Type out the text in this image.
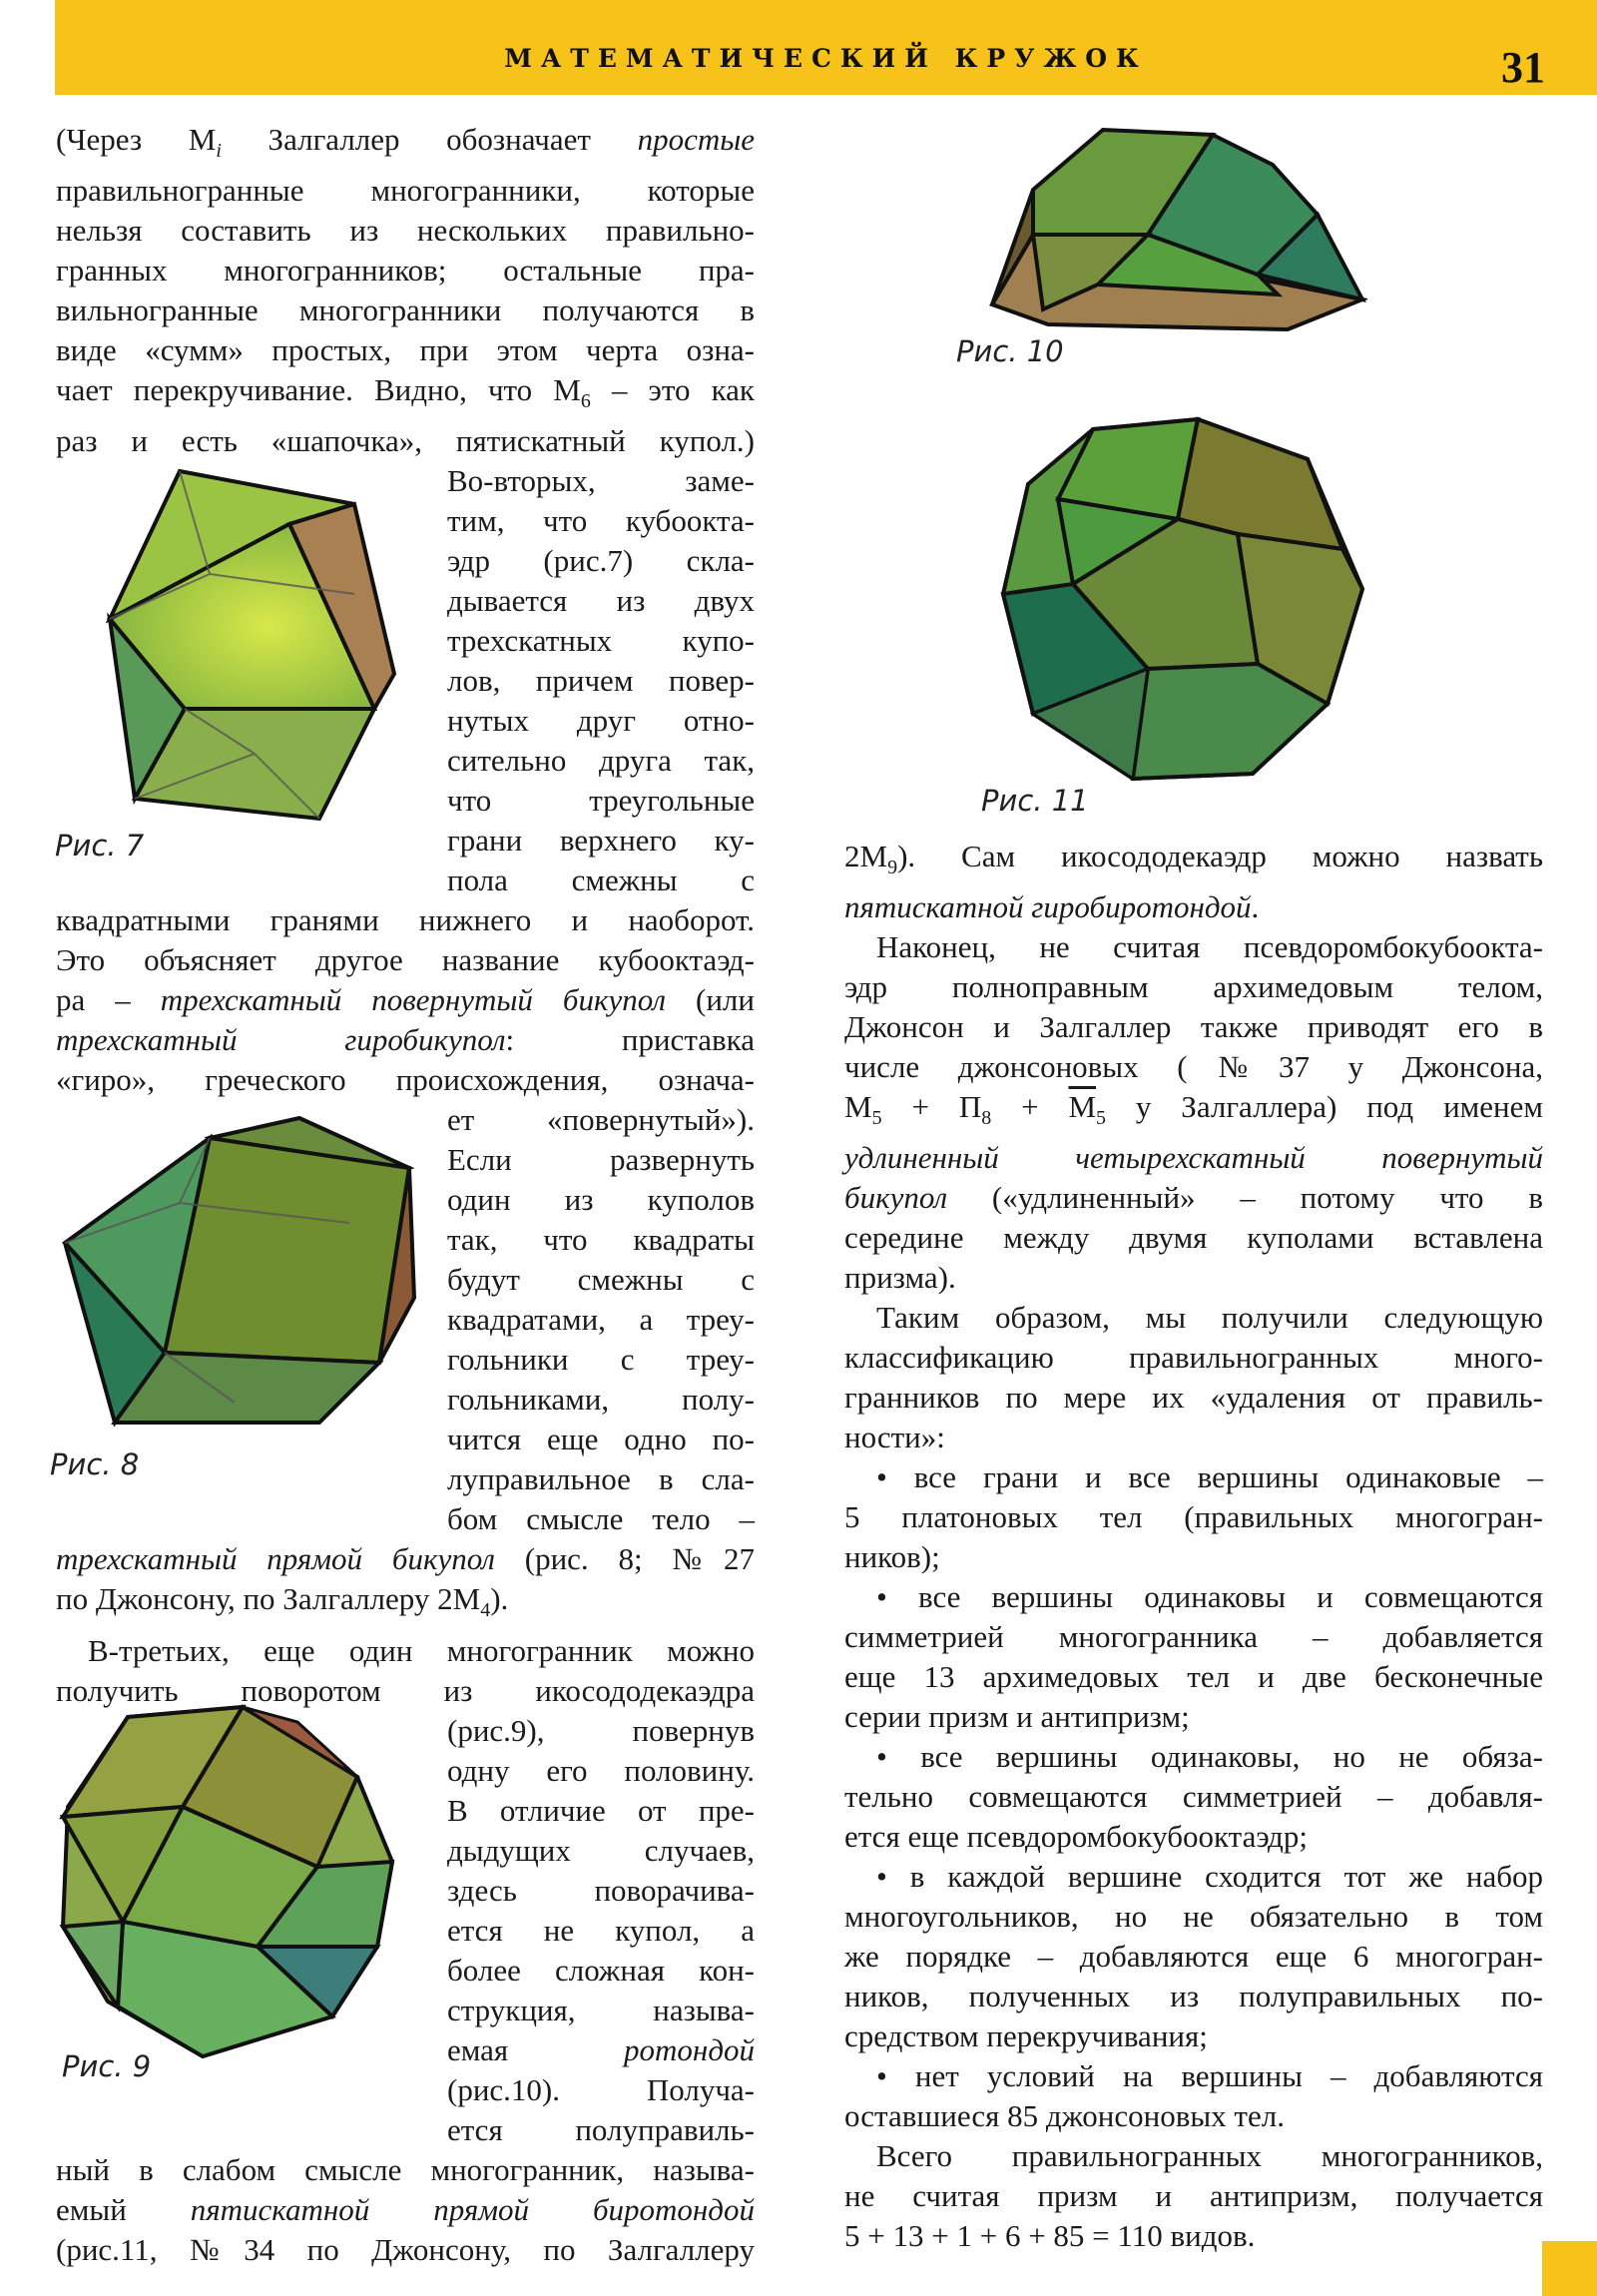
МАТЕМАТИЧЕСКИЙ КРУЖОК	31
Рис. 7
Рис. 8
Рис. 9
Рис. 10
Рис. 11

(Через $M_i$ Залгаллер обозначает простые

правильногранные многогранники, которые

нельзя составить из нескольких правильно-

гранных многогранников; остальные пра-

вильногранные многогранники получаются в

виде «сумм» простых, при этом черта озна-

чает перекручивание. Видно, что $M_6$ – это как

раз и есть «шапочка», пятискатный купол.)

Во-вторых, заме-

тим, что кубоокта-

эдр (рис.7) скла-

дывается из двух

трехскатных купо-

лов, причем повер-

нутых друг отно-

сительно друга так,

что треугольные

грани верхнего ку-

пола смежны с

квадратными гранями нижнего и наоборот.

Это объясняет другое название кубооктаэд-

ра – трехскатный повернутый бикупол (или

трехскатный гиробикупол: приставка

«гиро», греческого происхождения, означа-

ет «повернутый»).

Если развернуть

один из куполов

так, что квадраты

будут смежны с

квадратами, а треу-

гольники с треу-

гольниками, полу-

чится еще одно по-

луправильное в сла-

бом смысле тело –

трехскатный прямой бикупол (рис. 8; №27

по Джонсону, по Залгаллеру $2M_4$).

В-третьих, еще один многогранник можно

получить поворотом из икосододекаэдра

(рис.9), повернув

одну его половину.

В отличие от пре-

дыдущих случаев,

здесь поворачива-

ется не купол, а

более сложная кон-

струкция, называ-

емая ротондой

(рис.10). Получа-

ется полуправиль-

ный в слабом смысле многогранник, называ-

емый пятискатной прямой биротондой

(рис.11, №34 по Джонсону, по Залгаллеру

$2M_9$). Сам икосододекаэдр можно назвать

пятискатной гиробиротондой.

Наконец, не считая псевдоромбокубоокта-

эдр полноправным архимедовым телом,

Джонсон и Залгаллер также приводят его в

числе джонсоновых (№37 у Джонсона,

$M_5 + П_8 + \overline{M}_5$ у Залгаллера) под именем

удлиненный четырехскатный повернутый

бикупол («удлиненный» – потому что в

середине между двумя куполами вставлена

призма).

Таким образом, мы получили следующую

классификацию правильногранных много-

гранников по мере их «удаления от правиль-

ности»:

• все грани и все вершины одинаковые –

5 платоновых тел (правильных многогран-

ников);

• все вершины одинаковы и совмещаются

симметрией многогранника – добавляется

еще 13 архимедовых тел и две бесконечные

серии призм и антипризм;

• все вершины одинаковы, но не обяза-

тельно совмещаются симметрией – добавля-

ется еще псевдоромбокубооктаэдр;

• в каждой вершине сходится тот же набор

многоугольников, но не обязательно в том

же порядке – добавляются еще 6 многогран-

ников, полученных из полуправильных по-

средством перекручивания;

• нет условий на вершины – добавляются

оставшиеся 85 джонсоновых тел.

Всего правильногранных многогранников,

не считая призм и антипризм, получается

5 + 13 + 1 + 6 + 85 = 110 видов.
